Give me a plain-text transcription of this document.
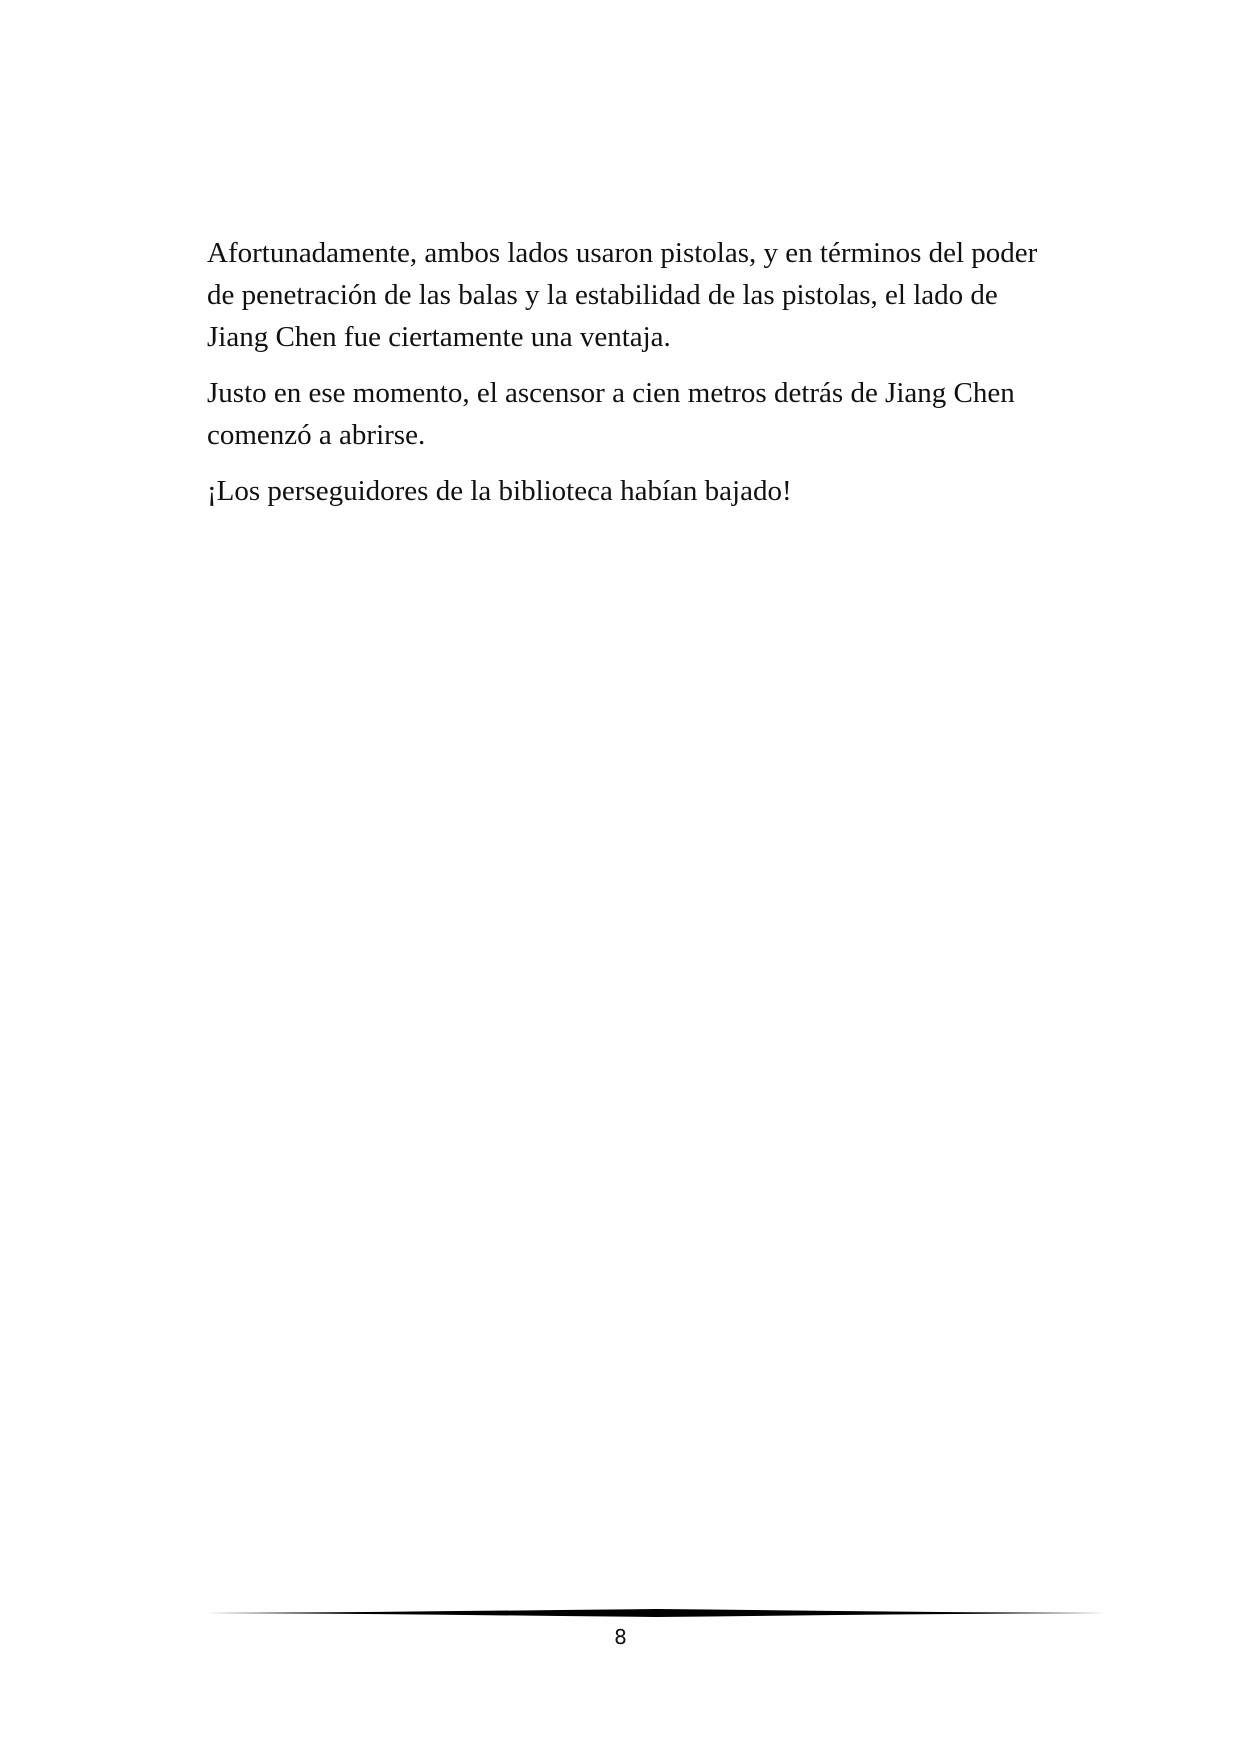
Afortunadamente, ambos lados usaron pistolas, y en términos del poder de penetración de las balas y la estabilidad de las pistolas, el lado de Jiang Chen fue ciertamente una ventaja.

Justo en ese momento, el ascensor a cien metros detrás de Jiang Chen comenzó a abrirse.

¡Los perseguidores de la biblioteca habían bajado!

8
